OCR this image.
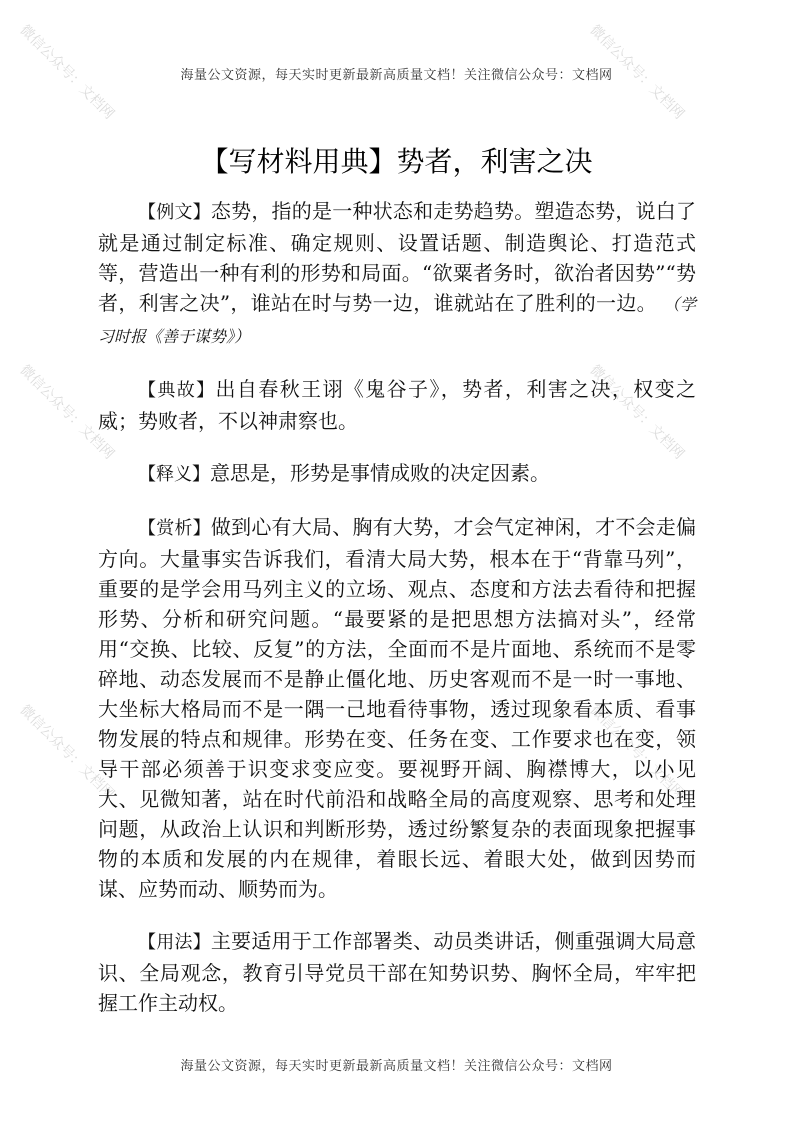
海量公文资源，每天实时更新最新高质量文档！关注微信公众号：文档网
微信公众号：文档网	微信公众号：文档网
微信公众号：文档网	微信公众号：文档网
微信公众号：文档网	微信公众号：文档网
【写材料用典】势者，利害之决

【例文】态势，指的是一种状态和走势趋势。塑造态势，说白了就是通过制定标准、确定规则、设置话题、制造舆论、打造范式等，营造出一种有利的形势和局面。“欲粟者务时，欲治者因势”“势者，利害之决”，谁站在时与势一边，谁就站在了胜利的一边。 （学习时报《善于谋势》）

【典故】出自春秋王诩《鬼谷子》，势者，利害之决，权变之威；势败者，不以神肃察也。

【释义】意思是，形势是事情成败的决定因素。

【赏析】做到心有大局、胸有大势，才会气定神闲，才不会走偏方向。大量事实告诉我们，看清大局大势，根本在于“背靠马列”，重要的是学会用马列主义的立场、观点、态度和方法去看待和把握形势、分析和研究问题。“最要紧的是把思想方法搞对头”，经常用“交换、比较、反复”的方法，全面而不是片面地、系统而不是零碎地、动态发展而不是静止僵化地、历史客观而不是一时一事地、大坐标大格局而不是一隅一己地看待事物，透过现象看本质、看事物发展的特点和规律。形势在变、任务在变、工作要求也在变，领导干部必须善于识变求变应变。要视野开阔、胸襟博大，以小见大、见微知著，站在时代前沿和战略全局的高度观察、思考和处理问题，从政治上认识和判断形势，透过纷繁复杂的表面现象把握事物的本质和发展的内在规律，着眼长远、着眼大处，做到因势而谋、应势而动、顺势而为。

【用法】主要适用于工作部署类、动员类讲话，侧重强调大局意识、全局观念，教育引导党员干部在知势识势、胸怀全局，牢牢把握工作主动权。

海量公文资源，每天实时更新最新高质量文档！关注微信公众号：文档网
